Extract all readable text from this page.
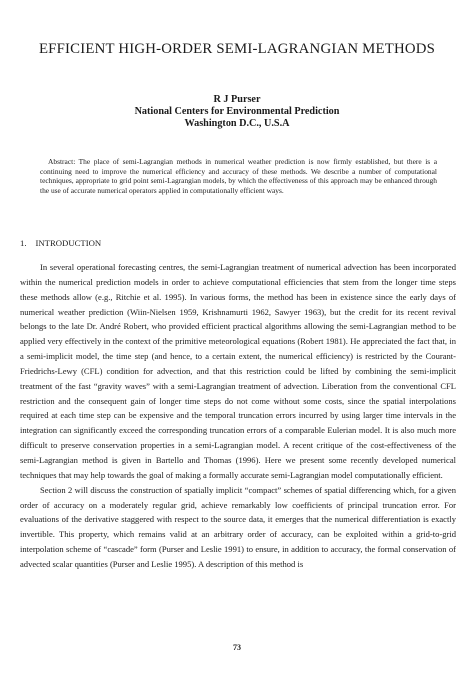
EFFICIENT HIGH-ORDER SEMI-LAGRANGIAN METHODS
R J Purser
National Centers for Environmental Prediction
Washington D.C., U.S.A

Abstract: The place of semi-Lagrangian methods in numerical weather prediction is now firmly established, but there is a continuing need to improve the numerical efficiency and accuracy of these methods. We describe a number of computational techniques, appropriate to grid point semi-Lagrangian models, by which the effectiveness of this approach may be enhanced through the use of accurate numerical operators applied in computationally efficient ways.

1. INTRODUCTION

In several operational forecasting centres, the semi-Lagrangian treatment of numerical advection has been incorporated within the numerical prediction models in order to achieve computational efficiencies that stem from the longer time steps these methods allow (e.g., Ritchie et al. 1995). In various forms, the method has been in existence since the early days of numerical weather prediction (Wiin-Nielsen 1959, Krishnamurti 1962, Sawyer 1963), but the credit for its recent revival belongs to the late Dr. André Robert, who provided efficient practical algorithms allowing the semi-Lagrangian method to be applied very effectively in the context of the primitive meteorological equations (Robert 1981). He appreciated the fact that, in a semi-implicit model, the time step (and hence, to a certain extent, the numerical efficiency) is restricted by the Courant-Friedrichs-Lewy (CFL) condition for advection, and that this restriction could be lifted by combining the semi-implicit treatment of the fast “gravity waves” with a semi-Lagrangian treatment of advection. Liberation from the conventional CFL restriction and the consequent gain of longer time steps do not come without some costs, since the spatial interpolations required at each time step can be expensive and the temporal truncation errors incurred by using larger time intervals in the integration can significantly exceed the corresponding truncation errors of a comparable Eulerian model. It is also much more difficult to preserve conservation properties in a semi-Lagrangian model. A recent critique of the cost-effectiveness of the semi-Lagrangian method is given in Bartello and Thomas (1996). Here we present some recently developed numerical techniques that may help towards the goal of making a formally accurate semi-Lagrangian model computationally efficient.

Section 2 will discuss the construction of spatially implicit “compact” schemes of spatial differencing which, for a given order of accuracy on a moderately regular grid, achieve remarkably low coefficients of principal truncation error. For evaluations of the derivative staggered with respect to the source data, it emerges that the numerical differentiation is exactly invertible. This property, which remains valid at an arbitrary order of accuracy, can be exploited within a grid-to-grid interpolation scheme of “cascade” form (Purser and Leslie 1991) to ensure, in addition to accuracy, the formal conservation of advected scalar quantities (Purser and Leslie 1995). A description of this method is

73
